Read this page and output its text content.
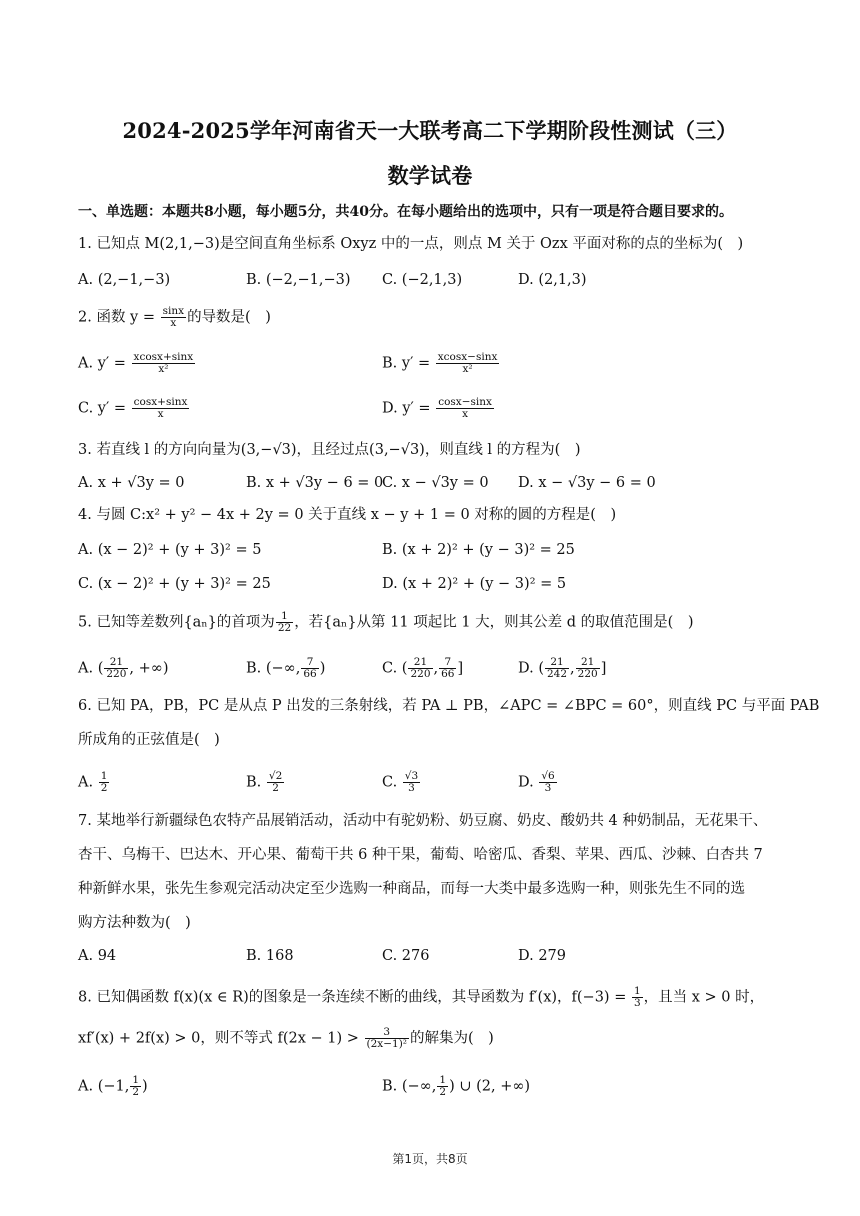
2024-2025学年河南省天一大联考高二下学期阶段性测试（三）
数学试卷
一、单选题：本题共8小题，每小题5分，共40分。在每小题给出的选项中，只有一项是符合题目要求的。
1. 已知点 M(2,1,−3)是空间直角坐标系 Oxyz 中的一点，则点 M 关于 Ozx 平面对称的点的坐标为(　)
A. (2,−1,−3)	B. (−2,−1,−3) C. (−2,1,3)	D. (2,1,3)
2. 函数 $y = \frac{\sin x}{x}$ 的导数是(　)
A. $y' = \frac{xcosx+\sin x}{\text{x²}}$	B. $y' = \frac{xcosx-\sin x}{\text{x²}}$
C. $y' = \frac{\cos x+\sin x}{x}$	D. $y' = \frac{\cos x-\sin x}{x}$
3. 若直线 l 的方向向量为(3,−√3)，且经过点(3,−√3)，则直线 l 的方程为(　)
A. x + √3y = 0	B. x + √3y − 6 = 0
C. x − √3y = 0 D. x − √3y − 6 = 0
4. 与圆 C:x² + y² − 4x + 2y = 0 关于直线 x − y + 1 = 0 对称的圆的方程是(　)
A. (x − 2)² + (y + 3)² = 5	B. (x + 2)² + (y − 3)² = 25
C. (x − 2)² + (y + 3)² = 25	D. (x + 2)² + (y − 3)² = 5
5. 已知等差数列{aₙ}的首项为 $\frac{1}{22}$ ，若{aₙ}从第 11 项起比 1 大，则其公差 d 的取值范围是(　)
A. ( $\frac{21}{220}$ , +∞)	B. (−∞, $\frac{7}{66}$ )	C. ( $\frac{21}{220}$ , $\frac{7}{66}$ ]	D. ( $\frac{21}{242}$ , $\frac{21}{220}$ ]
6. 已知 PA，PB，PC 是从点 P 出发的三条射线，若 PA ⊥ PB，∠APC = ∠BPC = 60°，则直线 PC 与平面 PAB
所成角的正弦值是(　)
A. $\frac{1}{2}$	B. $\frac{√2}{2}$	C. $\frac{√3}{3}$	D. $\frac{√6}{3}$
7. 某地举行新疆绿色农特产品展销活动，活动中有驼奶粉、奶豆腐、奶皮、酸奶共 4 种奶制品，无花果干、
杏干、乌梅干、巴达木、开心果、葡萄干共 6 种干果，葡萄、哈密瓜、香梨、苹果、西瓜、沙棘、白杏共 7
种新鲜水果，张先生参观完活动决定至少选购一种商品，而每一大类中最多选购一种，则张先生不同的选
购方法种数为(　)
A. 94	B. 168	C. 276	D. 279
8. 已知偶函数 f(x)(x ∈ R)的图象是一条连续不断的曲线，其导函数为 f′(x)，$f(-3) = \frac{1}{3}$ ，且当 x > 0 时，
xf′(x) + 2f(x) > 0，则不等式 $f(2x - 1) > \frac{3}{\text{(2x−1)²}}$ 的解集为(　)
A. (−1, $\frac{1}{2}$ )	B. (−∞, $\frac{1}{2}$ ) ∪ (2, +∞)
第1页，共8页
